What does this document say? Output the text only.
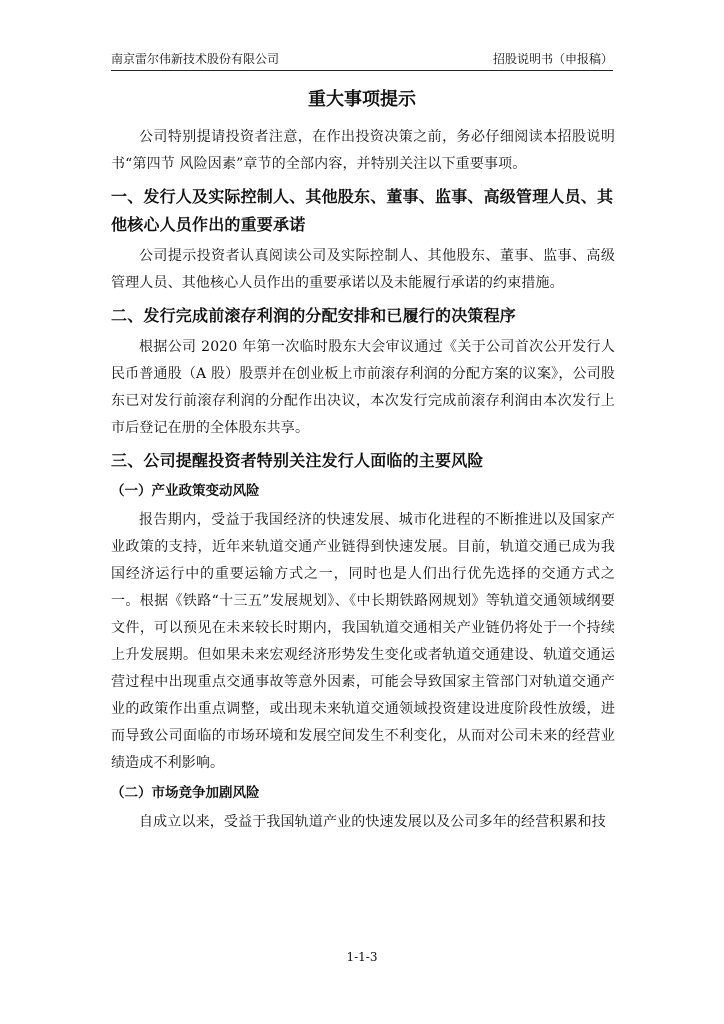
南京雷尔伟新技术股份有限公司	招股说明书（申报稿）
重大事项提示

公司特别提请投资者注意，在作出投资决策之前，务必仔细阅读本招股说明书“第四节 风险因素”章节的全部内容，并特别关注以下重要事项。

一、发行人及实际控制人、其他股东、董事、监事、高级管理人员、其他核心人员作出的重要承诺

公司提示投资者认真阅读公司及实际控制人、其他股东、董事、监事、高级管理人员、其他核心人员作出的重要承诺以及未能履行承诺的约束措施。

二、发行完成前滚存利润的分配安排和已履行的决策程序

根据公司 2020 年第一次临时股东大会审议通过《关于公司首次公开发行人民币普通股（A 股）股票并在创业板上市前滚存利润的分配方案的议案》，公司股东已对发行前滚存利润的分配作出决议，本次发行完成前滚存利润由本次发行上市后登记在册的全体股东共享。

三、公司提醒投资者特别关注发行人面临的主要风险
（一）产业政策变动风险

报告期内，受益于我国经济的快速发展、城市化进程的不断推进以及国家产业政策的支持，近年来轨道交通产业链得到快速发展。目前，轨道交通已成为我国经济运行中的重要运输方式之一，同时也是人们出行优先选择的交通方式之一。根据《铁路“十三五”发展规划》、《中长期铁路网规划》等轨道交通领域纲要文件，可以预见在未来较长时期内，我国轨道交通相关产业链仍将处于一个持续上升发展期。但如果未来宏观经济形势发生变化或者轨道交通建设、轨道交通运营过程中出现重点交通事故等意外因素，可能会导致国家主管部门对轨道交通产业的政策作出重点调整，或出现未来轨道交通领域投资建设进度阶段性放缓，进而导致公司面临的市场环境和发展空间发生不利变化，从而对公司未来的经营业绩造成不利影响。

（二）市场竞争加剧风险

自成立以来，受益于我国轨道产业的快速发展以及公司多年的经营积累和技

1-1-3
